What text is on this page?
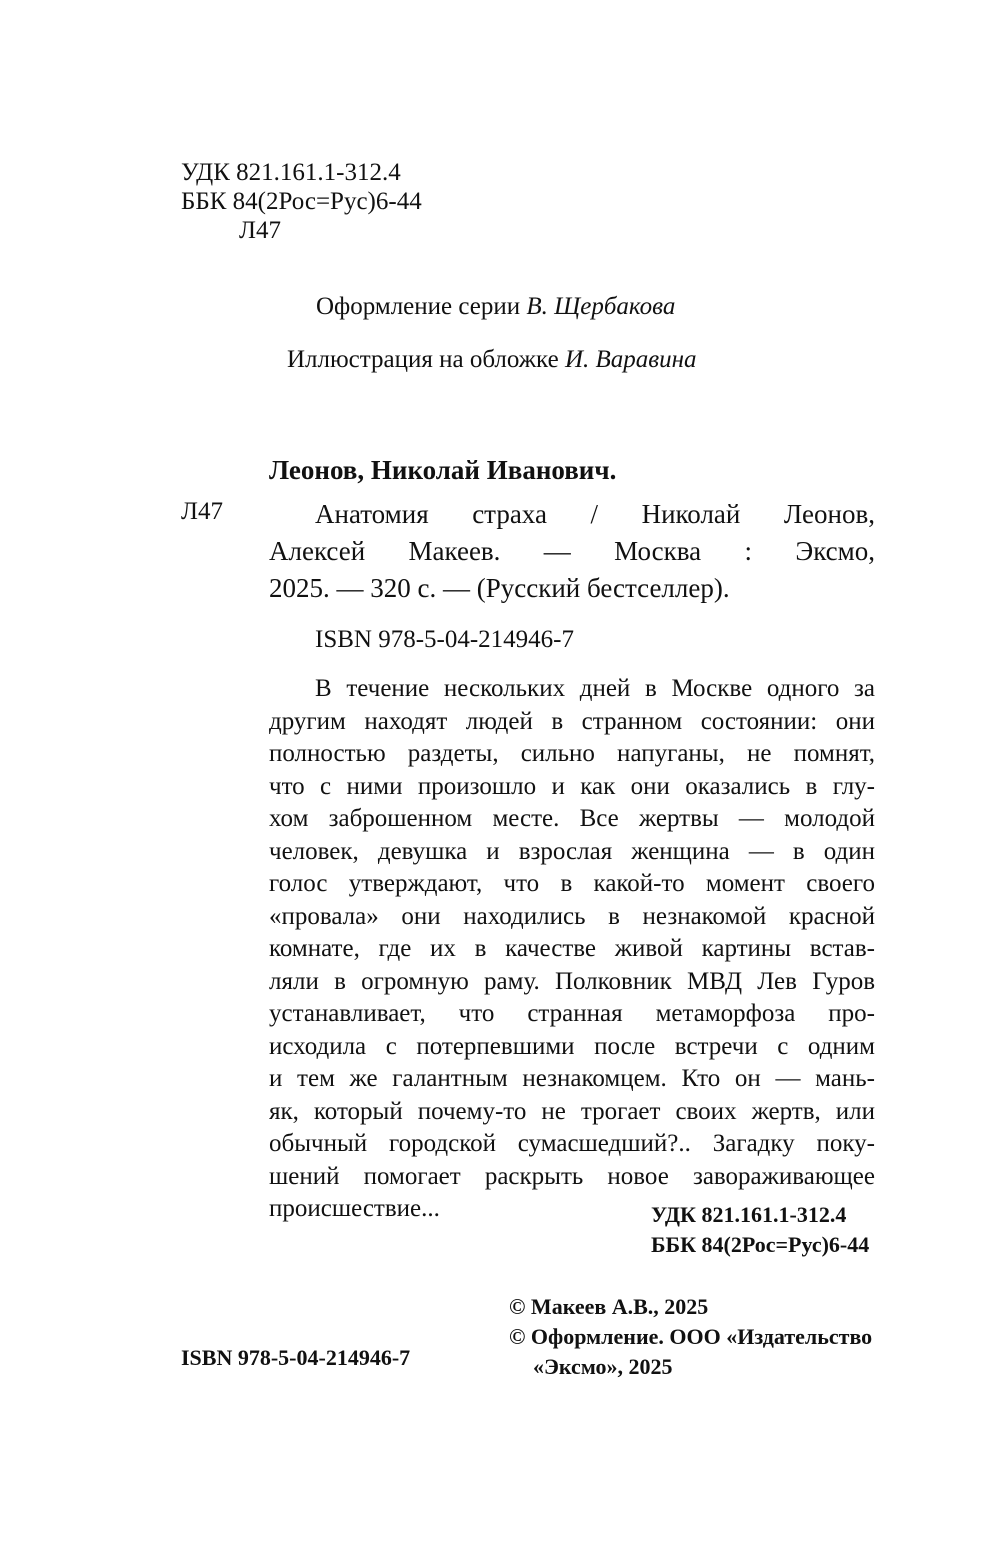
УДК 821.161.1-312.4
ББК 84(2Рос=Рус)6-44
Л47
Оформление серии В. Щербакова
Иллюстрация на обложке И. Варавина
Леонов, Николай Иванович.
Л47	Анатомия страха / Николай Леонов,
Алексей Макеев. — Москва : Эксмо,
2025. — 320 с. — (Русский бестселлер).
ISBN 978-5-04-214946-7
В течение нескольких дней в Москве одного за
другим находят людей в странном состоянии: они
полностью раздеты, сильно напуганы, не помнят,
что с ними произошло и как они оказались в глу-
хом заброшенном месте. Все жертвы — молодой
человек, девушка и взрослая женщина — в один
голос утверждают, что в какой-то момент своего
«провала» они находились в незнакомой красной
комнате, где их в качестве живой картины встав-
ляли в огромную раму. Полковник МВД Лев Гуров
устанавливает, что странная метаморфоза про-
исходила с потерпевшими после встречи с одним
и тем же галантным незнакомцем. Кто он — мань-
як, который почему-то не трогает своих жертв, или
обычный городской сумасшедший?.. Загадку поку-
шений помогает раскрыть новое завораживающее
происшествие...	УДК 821.161.1-312.4
ББК 84(2Рос=Рус)6-44
© Макеев А.В., 2025
© Оформление. ООО «Издательство
«Эксмо», 2025
ISBN 978-5-04-214946-7
